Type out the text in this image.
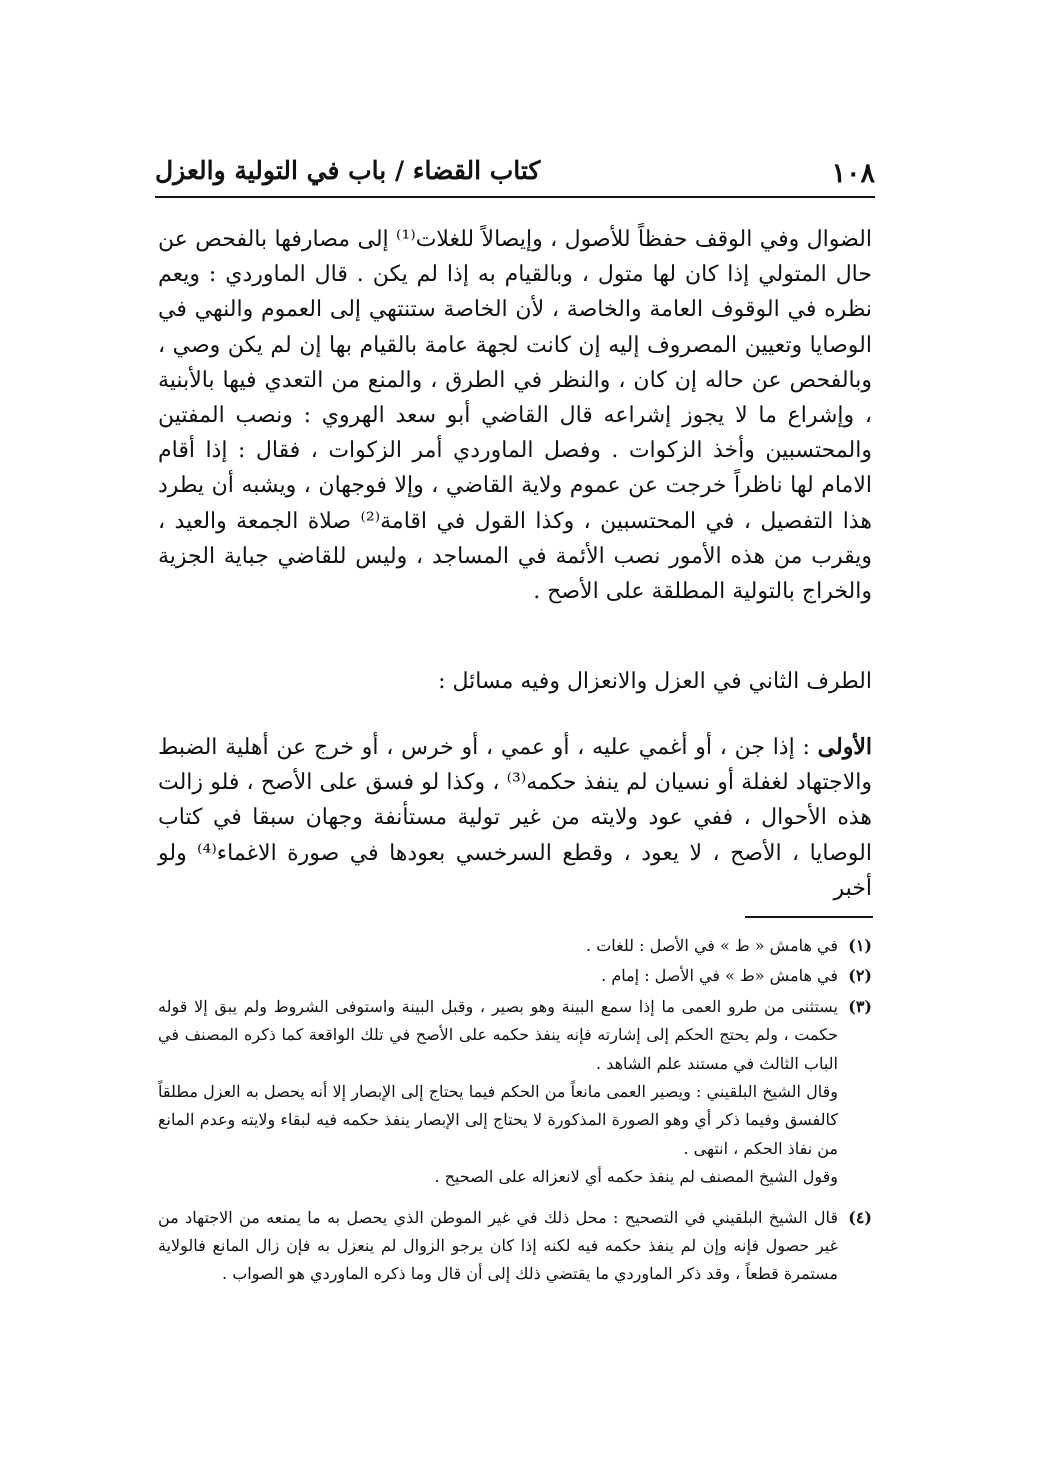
١٠٨
كتاب القضاء / باب في التولية والعزل

الضوال وفي الوقف حفظاً للأصول ، وإيصالاً للغلات⁽¹⁾ إلى مصارفها بالفحص عن حال المتولي إذا كان لها متول ، وبالقيام به إذا لم يكن . قال الماوردي : ويعم نظره في الوقوف العامة والخاصة ، لأن الخاصة ستنتهي إلى العموم والنهي في الوصايا وتعيين المصروف إليه إن كانت لجهة عامة بالقيام بها إن لم يكن وصي ، وبالفحص عن حاله إن كان ، والنظر في الطرق ، والمنع من التعدي فيها بالأبنية ، وإشراع ما لا يجوز إشراعه قال القاضي أبو سعد الهروي : ونصب المفتين والمحتسبين وأخذ الزكوات . وفصل الماوردي أمر الزكوات ، فقال : إذا أقام الامام لها ناظراً خرجت عن عموم ولاية القاضي ، وإلا فوجهان ، ويشبه أن يطرد هذا التفصيل ، في المحتسبين ، وكذا القول في اقامة⁽²⁾ صلاة الجمعة والعيد ، ويقرب من هذه الأمور نصب الأئمة في المساجد ، وليس للقاضي جباية الجزية والخراج بالتولية المطلقة على الأصح .

الطرف الثاني في العزل والانعزال وفيه مسائل :

الأولى : إذا جن ، أو أغمي عليه ، أو عمي ، أو خرس ، أو خرج عن أهلية الضبط والاجتهاد لغفلة أو نسيان لم ينفذ حكمه⁽³⁾ ، وكذا لو فسق على الأصح ، فلو زالت هذه الأحوال ، ففي عود ولايته من غير تولية مستأنفة وجهان سبقا في كتاب الوصايا ، الأصح ، لا يعود ، وقطع السرخسي بعودها في صورة الاغماء⁽⁴⁾ ولو أخبر

(١)

في هامش « ط » في الأصل : للغات .

(٢)

في هامش «ط » في الأصل : إمام .

(٣)

يستثنى من طرو العمى ما إذا سمع البينة وهو بصير ، وقبل البينة واستوفى الشروط ولم يبق إلا قوله حكمت ، ولم يحتج الحكم إلى إشارته فإنه ينفذ حكمه على الأصح في تلك الواقعة كما ذكره المصنف في الباب الثالث في مستند علم الشاهد .

وقال الشيخ البلقيني : ويصير العمى مانعاً من الحكم فيما يحتاج إلى الإبصار إلا أنه يحصل به العزل مطلقاً كالفسق وفيما ذكر أي وهو الصورة المذكورة لا يحتاج إلى الإبصار ينفذ حكمه فيه لبقاء ولايته وعدم المانع من نفاذ الحكم ، انتهى .

وقول الشيخ المصنف لم ينفذ حكمه أي لانعزاله على الصحيح .

(٤)

قال الشيخ البلقيني في التصحيح : محل ذلك في غير الموطن الذي يحصل به ما يمنعه من الاجتهاد من غير حصول فإنه وإن لم ينفذ حكمه فيه لكنه إذا كان يرجو الزوال لم ينعزل به فإن زال المانع فالولاية مستمرة قطعاً ، وقد ذكر الماوردي ما يقتضي ذلك إلى أن قال وما ذكره الماوردي هو الصواب .
